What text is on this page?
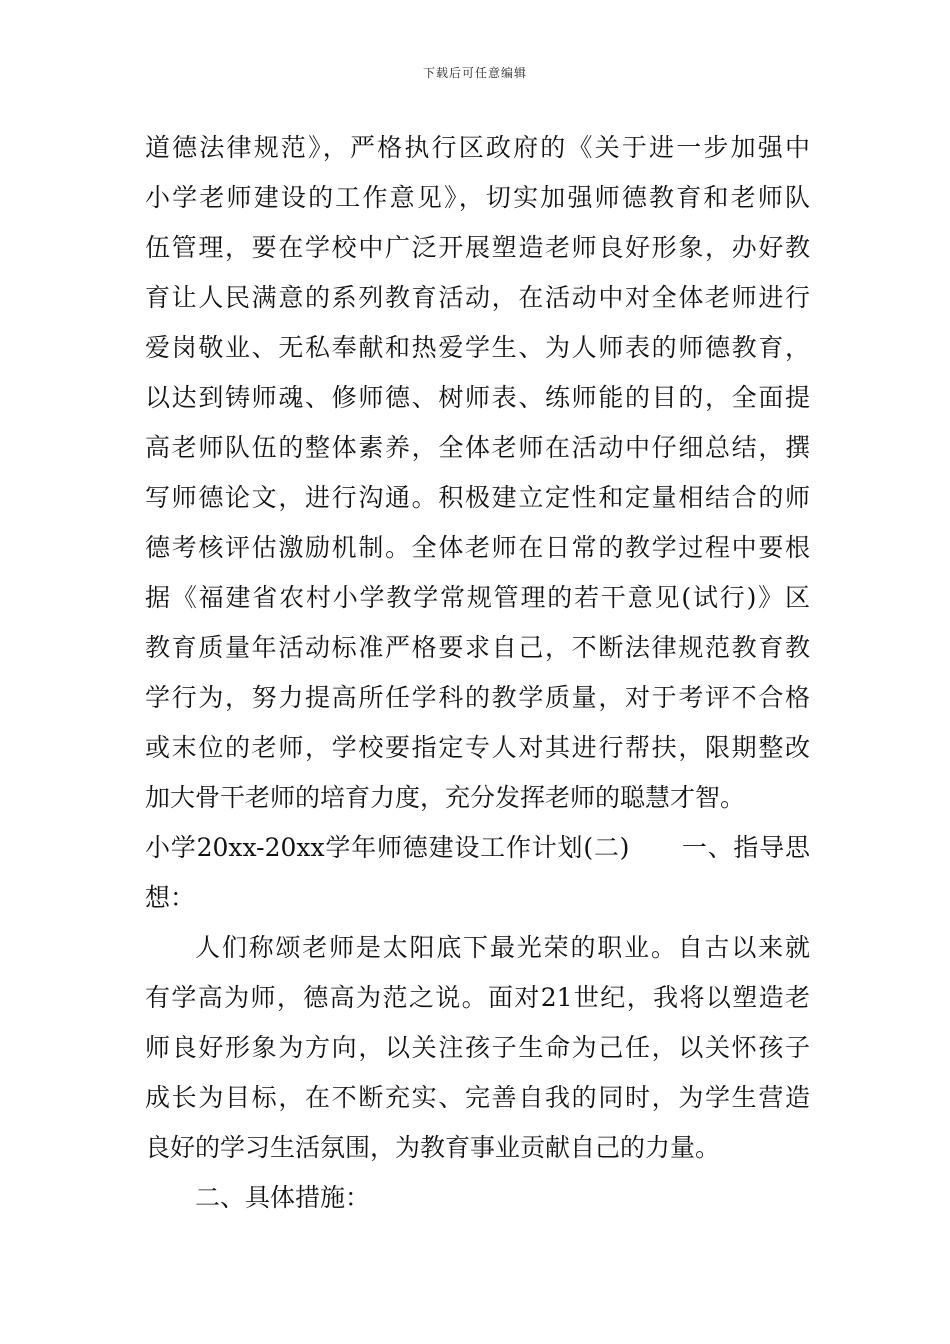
下载后可任意编辑
道德法律规范》，严格执行区政府的《关于进一步加强中
小学老师建设的工作意见》，切实加强师德教育和老师队
伍管理，要在学校中广泛开展塑造老师良好形象，办好教
育让人民满意的系列教育活动，在活动中对全体老师进行
爱岗敬业、无私奉献和热爱学生、为人师表的师德教育，
以达到铸师魂、修师德、树师表、练师能的目的，全面提
高老师队伍的整体素养，全体老师在活动中仔细总结，撰
写师德论文，进行沟通。积极建立定性和定量相结合的师
德考核评估激励机制。全体老师在日常的教学过程中要根
据《福建省农村小学教学常规管理的若干意见(试行)》区
教育质量年活动标准严格要求自己，不断法律规范教育教
学行为，努力提高所任学科的教学质量，对于考评不合格
或末位的老师，学校要指定专人对其进行帮扶，限期整改
加大骨干老师的培育力度，充分发挥老师的聪慧才智。
小学20xx-20xx学年师德建设工作计划(二)　　一、指导思
想：
人们称颂老师是太阳底下最光荣的职业。自古以来就
有学高为师，德高为范之说。面对21世纪，我将以塑造老
师良好形象为方向，以关注孩子生命为己任，以关怀孩子
成长为目标，在不断充实、完善自我的同时，为学生营造
良好的学习生活氛围，为教育事业贡献自己的力量。
二、具体措施：
